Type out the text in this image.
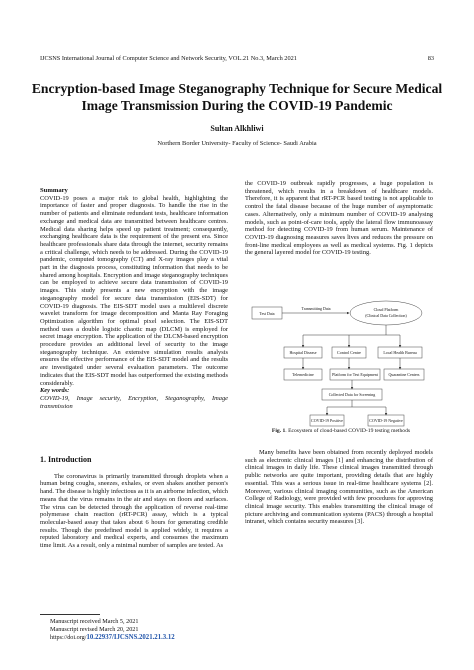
IJCSNS International Journal of Computer Science and Network Security, VOL.21 No.3, March 2021	83
Encryption-based Image Steganography Technique for Secure Medical Image Transmission During the COVID-19 Pandemic
Sultan Alkhliwi
Northern Border University- Faculty of Science- Saudi Arabia

Summary

COVID-19 poses a major risk to global health, highlighting the importance of faster and proper diagnosis. To handle the rise in the number of patients and eliminate redundant tests, healthcare information exchange and medical data are transmitted between healthcare centres. Medical data sharing helps speed up patient treatment; consequently, exchanging healthcare data is the requirement of the present era. Since healthcare professionals share data through the internet, security remains a critical challenge, which needs to be addressed. During the COVID-19 pandemic, computed tomography (CT) and X-ray images play a vital part in the diagnosis process, constituting information that needs to be shared among hospitals. Encryption and image steganography techniques can be employed to achieve secure data transmission of COVID-19 images. This study presents a new encryption with the image steganography model for secure data transmission (EIS-SDT) for COVID-19 diagnosis. The EIS-SDT model uses a multilevel discrete wavelet transform for image decomposition and Manta Ray Foraging Optimization algorithm for optimal pixel selection. The EIS-SDT method uses a double logistic chaotic map (DLCM) is employed for secret image encryption. The application of the DLCM-based encryption procedure provides an additional level of security to the image steganography technique. An extensive simulation results analysis ensures the effective performance of the EIS-SDT model and the results are investigated under several evaluation parameters. The outcome indicates that the EIS-SDT model has outperformed the existing methods considerably.

Key words:
COVID-19, Image security, Encryption, Steganography, Image transmission

1. Introduction

The coronavirus is primarily transmitted through droplets when a human being coughs, sneezes, exhales, or even shakes another person's hand. The disease is highly infectious as it is an airborne infection, which means that the virus remains in the air and stays on floors and surfaces. The virus can be detected through the application of reverse real-time polymerase chain reaction (rRT-PCR) assay, which is a typical molecular-based assay that takes about 6 hours for generating credible results. Though the predefined model is applied widely, it requires a reputed laboratory and medical experts, and consumes the maximum time limit. As a result, only a minimal number of samples are tested. As

the COVID-19 outbreak rapidly progresses, a huge population is threatened, which results in a breakdown of healthcare models. Therefore, it is apparent that rRT-PCR based testing is not applicable to control the fatal disease because of the huge number of asymptomatic cases. Alternatively, only a minimum number of COVID-19 analysing models, such as point-of-care tools, apply the lateral flow immunoassay method for detecting COVID-19 from human serum. Maintenance of COVID-19 diagnosing measures saves lives and reduces the pressure on front-line medical employees as well as medical systems. Fig. 1 depicts the general layered model for COVID-19 testing.

Test Data
Transmitting Data	Cloud Platform
(Clinical Data Collection)
Hospital Disease	Control Centre	Local Health Bureau
Telemedicine	Platform for Test Equipment	Quarantine Centers
Collected Data for Screening
COVID-19 Positive	COVID-19 Negative
Fig. 1. Ecosystem of cloud-based COVID-19 testing methods

Many benefits have been obtained from recently deployed models such as electronic clinical images [1] and enhancing the distribution of clinical images in daily life. These clinical images transmitted through public networks are quite important, providing details that are highly essential. This was a serious issue in real-time healthcare systems [2]. Moreover, various clinical imaging communities, such as the American College of Radiology, were provided with few procedures for approving clinical image security. This enables transmitting the clinical image of picture archiving and communication systems (PACS) through a hospital intranet, which contains security measures [3].

Manuscript received March 5, 2021
Manuscript revised March 20, 2021
https://doi.org/10.22937/IJCSNS.2021.21.3.12
